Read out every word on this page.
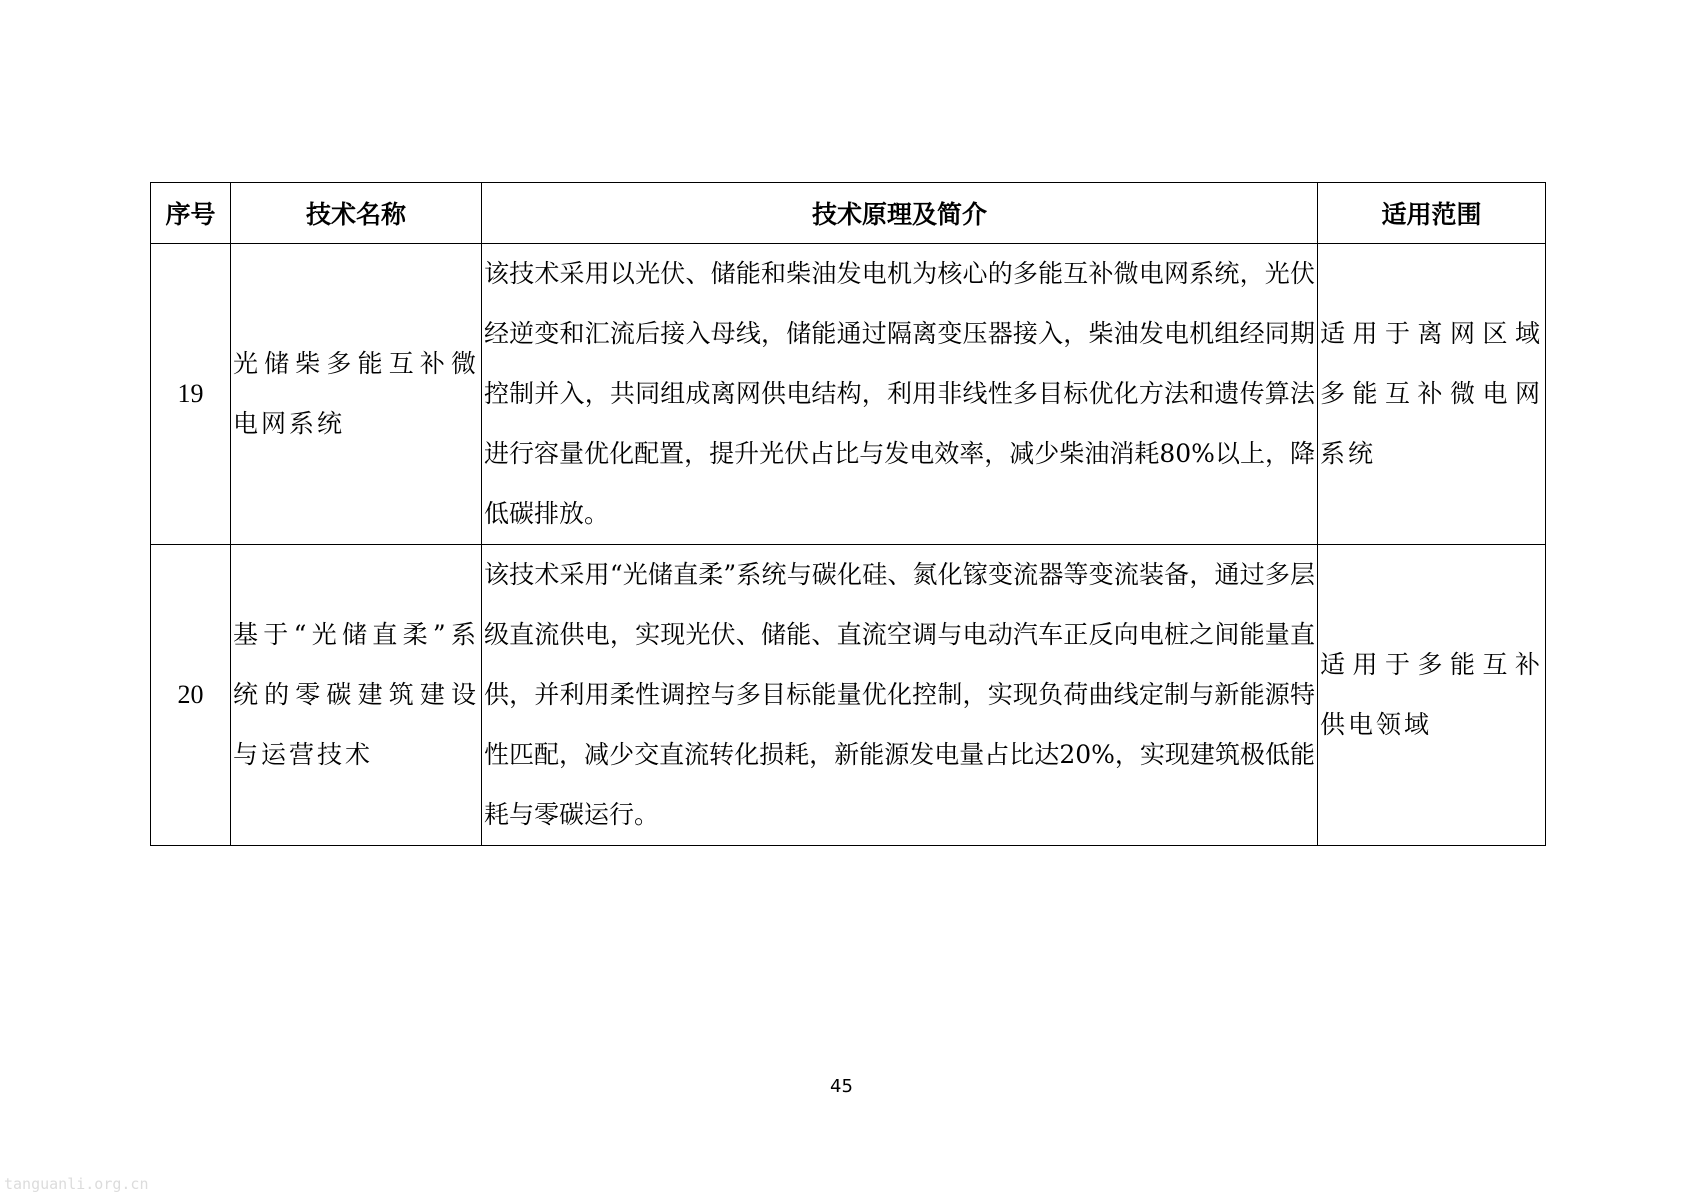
序号	技术名称	技术原理及简介	适用范围
19	光储柴多能互补微电网系统	该技术采用以光伏、储能和柴油发电机为核心的多能互补微电网系统，光伏经逆变和汇流后接入母线，储能通过隔离变压器接入，柴油发电机组经同期控制并入，共同组成离网供电结构，利用非线性多目标优化方法和遗传算法进行容量优化配置，提升光伏占比与发电效率，减少柴油消耗80%以上，降低碳排放。	适用于离网区域多能互补微电网系统
20	基于“光储直柔”系统的零碳建筑建设与运营技术	该技术采用“光储直柔”系统与碳化硅、氮化镓变流器等变流装备，通过多层级直流供电，实现光伏、储能、直流空调与电动汽车正反向电桩之间能量直供，并利用柔性调控与多目标能量优化控制，实现负荷曲线定制与新能源特性匹配，减少交直流转化损耗，新能源发电量占比达20%，实现建筑极低能耗与零碳运行。	适用于多能互补供电领域
45
tanguanli.org.cn
